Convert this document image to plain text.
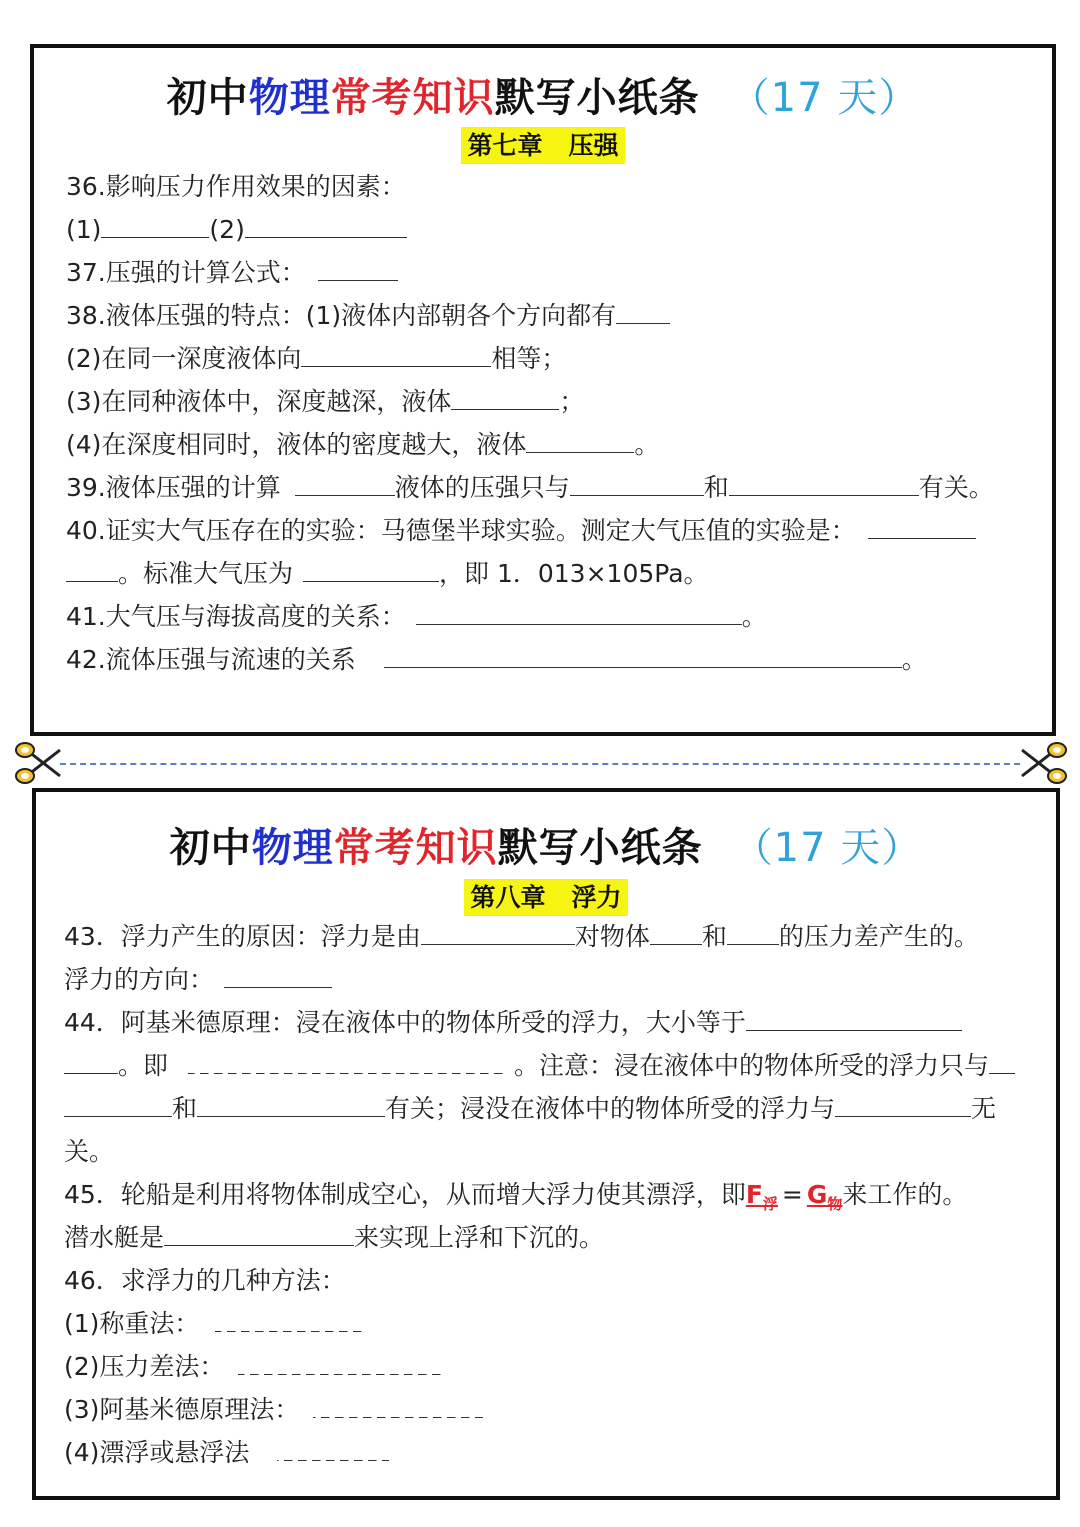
初中物理常考知识默写小纸条 （17 天）
第七章   压强
36.影响压力作用效果的因素：
(1)	(2)
37.压强的计算公式：
38.液体压强的特点：(1)液体内部朝各个方向都有
(2)在同一深度液体向	相等；
(3)在同种液体中，深度越深，液体	；
(4)在深度相同时，液体的密度越大，液体	。
39.液体压强的计算	液体的压强只与	和	有关。
40.证实大气压存在的实验：马德堡半球实验。测定大气压值的实验是：
。标准大气压为	，即 1．013×105Pa。
41.大气压与海拔高度的关系：	。
42.流体压强与流速的关系	。
初中物理常考知识默写小纸条 （17 天）
第八章   浮力
43．浮力产生的原因：浮力是由	对物体 和 的压力差产生的。
浮力的方向：
44．阿基米德原理：浸在液体中的物体所受的浮力，大小等于
。即	。注意：浸在液体中的物体所受的浮力只与
和	有关；浸没在液体中的物体所受的浮力与	无
关。
45．轮船是利用将物体制成空心，从而增大浮力使其漂浮，即$F_浮 = G_物$来工作的。
潜水艇是	来实现上浮和下沉的。
46．求浮力的几种方法：
(1)称重法：
(2)压力差法：
(3)阿基米德原理法：
(4)漂浮或悬浮法
